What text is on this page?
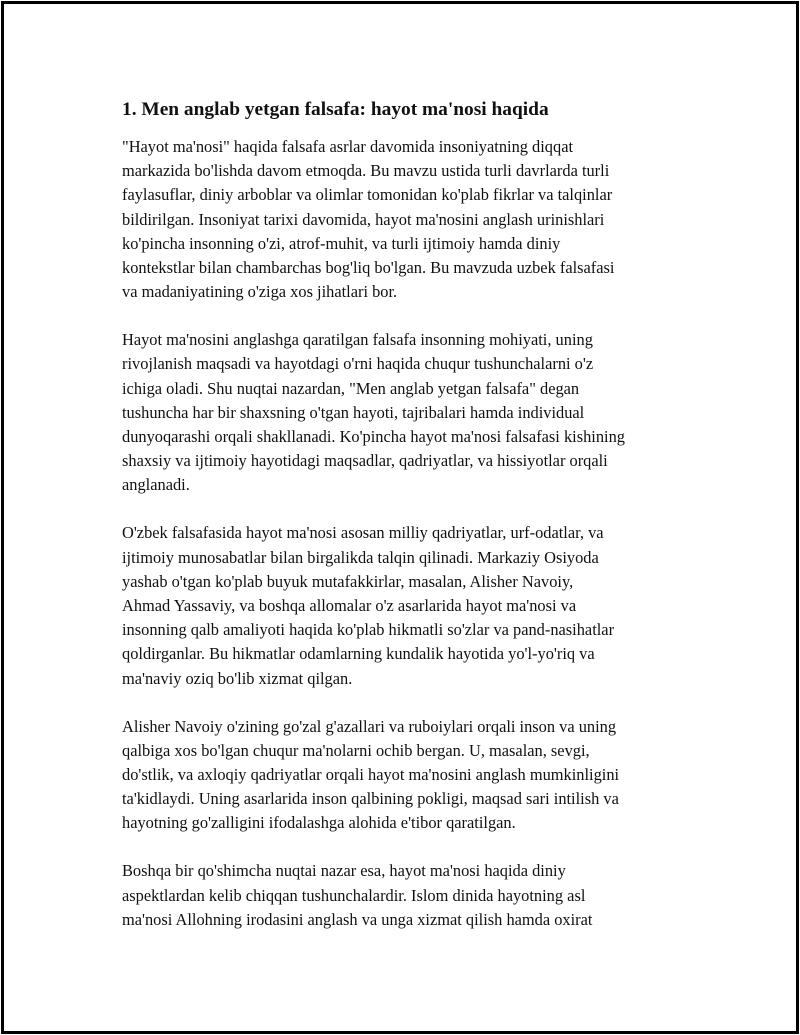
1. Men anglab yetgan falsafa: hayot ma'nosi haqida
"Hayot ma'nosi" haqida falsafa asrlar davomida insoniyatning diqqat
markazida bo'lishda davom etmoqda. Bu mavzu ustida turli davrlarda turli
faylasuflar, diniy arboblar va olimlar tomonidan ko'plab fikrlar va talqinlar
bildirilgan. Insoniyat tarixi davomida, hayot ma'nosini anglash urinishlari
ko'pincha insonning o'zi, atrof-muhit, va turli ijtimoiy hamda diniy
kontekstlar bilan chambarchas bog'liq bo'lgan. Bu mavzuda uzbek falsafasi
va madaniyatining o'ziga xos jihatlari bor.
Hayot ma'nosini anglashga qaratilgan falsafa insonning mohiyati, uning
rivojlanish maqsadi va hayotdagi o'rni haqida chuqur tushunchalarni o'z
ichiga oladi. Shu nuqtai nazardan, "Men anglab yetgan falsafa" degan
tushuncha har bir shaxsning o'tgan hayoti, tajribalari hamda individual
dunyoqarashi orqali shakllanadi. Ko'pincha hayot ma'nosi falsafasi kishining
shaxsiy va ijtimoiy hayotidagi maqsadlar, qadriyatlar, va hissiyotlar orqali
anglanadi.
O'zbek falsafasida hayot ma'nosi asosan milliy qadriyatlar, urf-odatlar, va
ijtimoiy munosabatlar bilan birgalikda talqin qilinadi. Markaziy Osiyoda
yashab o'tgan ko'plab buyuk mutafakkirlar, masalan, Alisher Navoiy,
Ahmad Yassaviy, va boshqa allomalar o'z asarlarida hayot ma'nosi va
insonning qalb amaliyoti haqida ko'plab hikmatli so'zlar va pand-nasihatlar
qoldirganlar. Bu hikmatlar odamlarning kundalik hayotida yo'l-yo'riq va
ma'naviy oziq bo'lib xizmat qilgan.
Alisher Navoiy o'zining go'zal g'azallari va ruboiylari orqali inson va uning
qalbiga xos bo'lgan chuqur ma'nolarni ochib bergan. U, masalan, sevgi,
do'stlik, va axloqiy qadriyatlar orqali hayot ma'nosini anglash mumkinligini
ta'kidlaydi. Uning asarlarida inson qalbining pokligi, maqsad sari intilish va
hayotning go'zalligini ifodalashga alohida e'tibor qaratilgan.
Boshqa bir qo'shimcha nuqtai nazar esa, hayot ma'nosi haqida diniy
aspektlardan kelib chiqqan tushunchalardir. Islom dinida hayotning asl
ma'nosi Allohning irodasini anglash va unga xizmat qilish hamda oxirat
